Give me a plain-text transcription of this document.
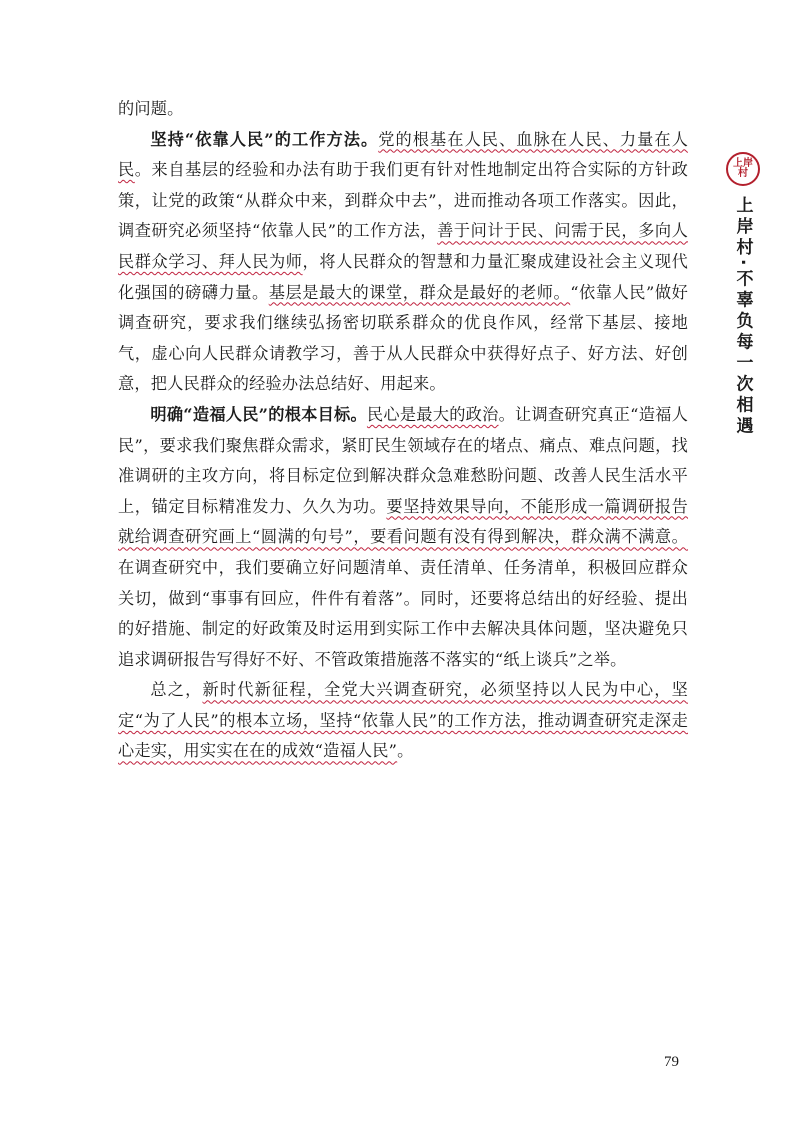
上岸
村
上岸村·不辜负每一次相遇

的问题。

坚持“依靠人民”的工作方法。党的根基在人民、血脉在人民、力量在人民。来自基层的经验和办法有助于我们更有针对性地制定出符合实际的方针政策，让党的政策“从群众中来，到群众中去”，进而推动各项工作落实。因此，调查研究必须坚持“依靠人民”的工作方法，善于问计于民、问需于民，多向人民群众学习、拜人民为师，将人民群众的智慧和力量汇聚成建设社会主义现代化强国的磅礴力量。基层是最大的课堂，群众是最好的老师。“依靠人民”做好调查研究，要求我们继续弘扬密切联系群众的优良作风，经常下基层、接地气，虚心向人民群众请教学习，善于从人民群众中获得好点子、好方法、好创意，把人民群众的经验办法总结好、用起来。

明确“造福人民”的根本目标。民心是最大的政治。让调查研究真正“造福人民”，要求我们聚焦群众需求，紧盯民生领域存在的堵点、痛点、难点问题，找准调研的主攻方向，将目标定位到解决群众急难愁盼问题、改善人民生活水平上，锚定目标精准发力、久久为功。要坚持效果导向，不能形成一篇调研报告就给调查研究画上“圆满的句号”，要看问题有没有得到解决，群众满不满意。在调查研究中，我们要确立好问题清单、责任清单、任务清单，积极回应群众关切，做到“事事有回应，件件有着落”。同时，还要将总结出的好经验、提出的好措施、制定的好政策及时运用到实际工作中去解决具体问题，坚决避免只追求调研报告写得好不好、不管政策措施落不落实的“纸上谈兵”之举。

总之，新时代新征程，全党大兴调查研究，必须坚持以人民为中心，坚定“为了人民”的根本立场，坚持“依靠人民”的工作方法，推动调查研究走深走心走实，用实实在在的成效“造福人民”。

79
